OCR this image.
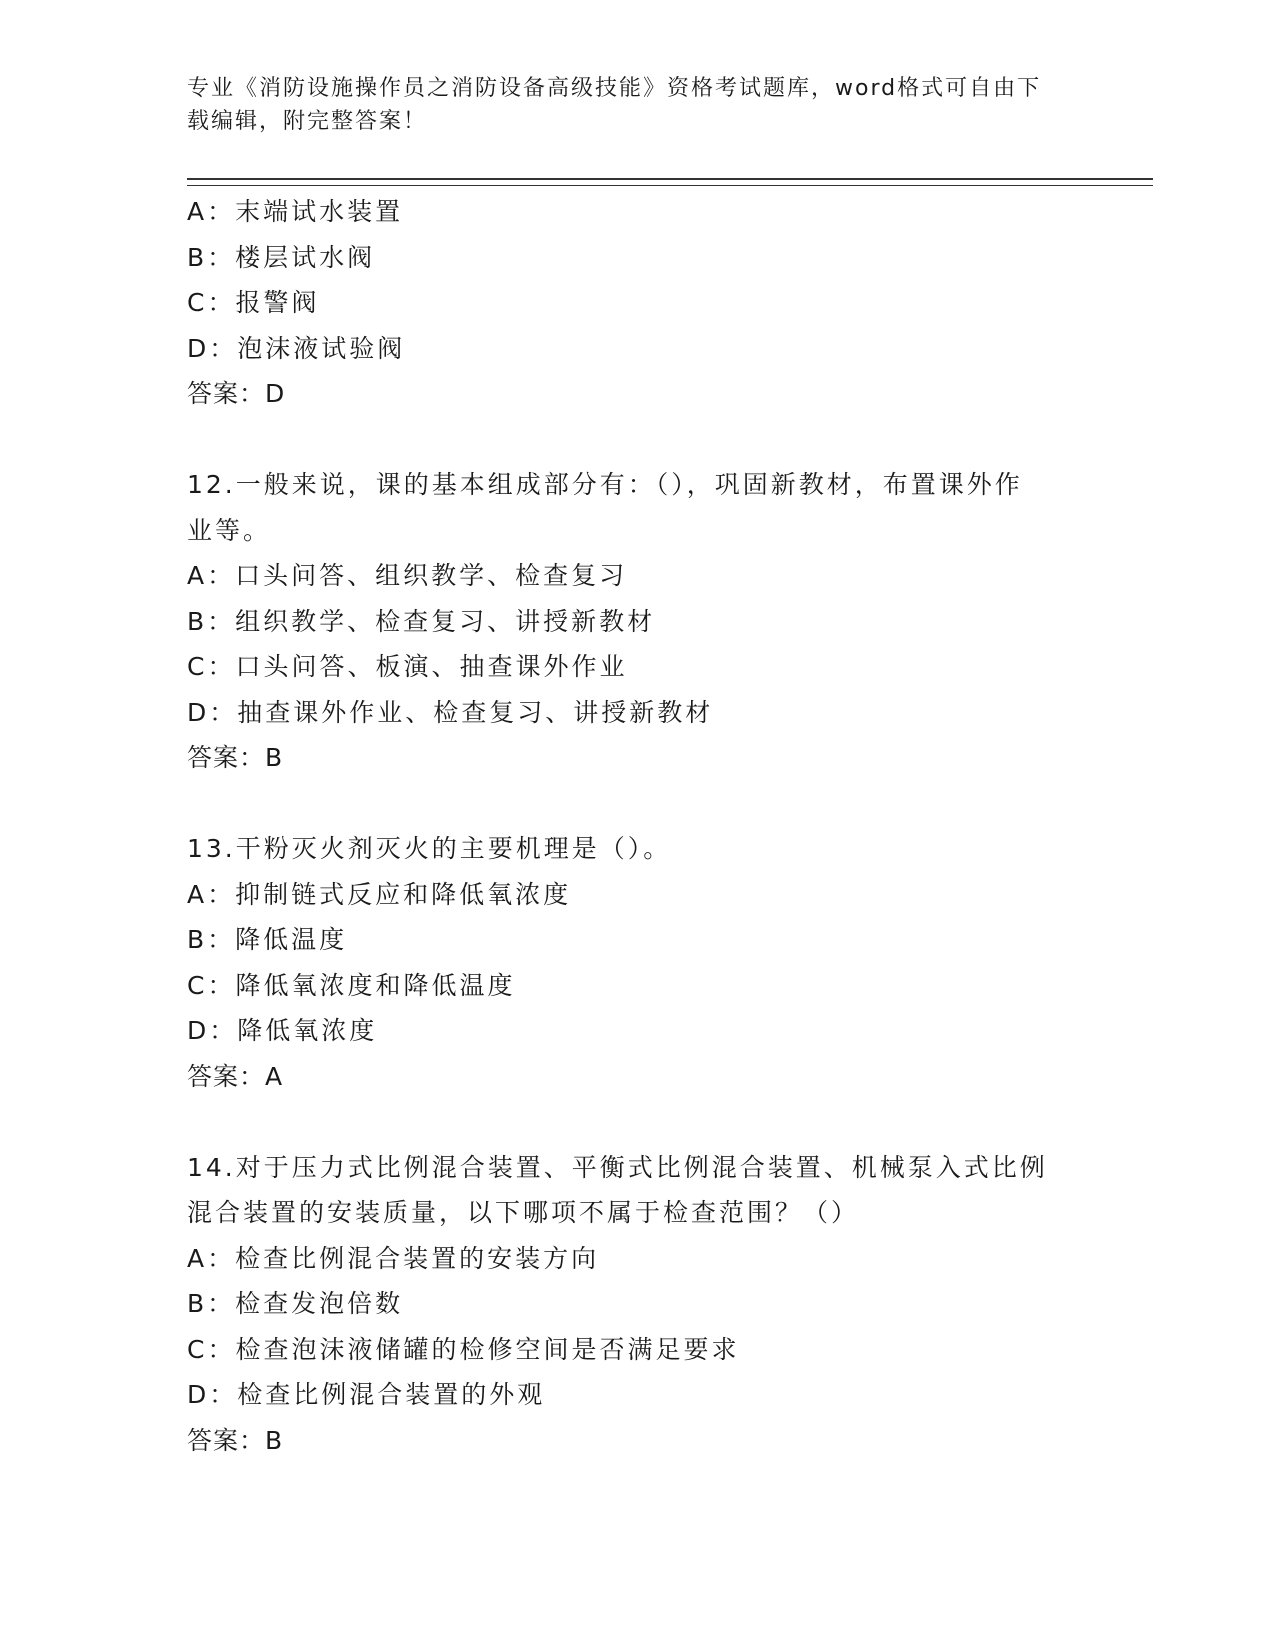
专业《消防设施操作员之消防设备高级技能》资格考试题库，word格式可自由下
载编辑，附完整答案！
A：末端试水装置
B：楼层试水阀
C：报警阀
D：泡沫液试验阀
答案：D
12.一般来说，课的基本组成部分有：（），巩固新教材，布置课外作
业等。
A：口头问答、组织教学、检查复习
B：组织教学、检查复习、讲授新教材
C：口头问答、板演、抽查课外作业
D：抽查课外作业、检查复习、讲授新教材
答案：B
13.干粉灭火剂灭火的主要机理是（）。
A：抑制链式反应和降低氧浓度
B：降低温度
C：降低氧浓度和降低温度
D：降低氧浓度
答案：A
14.对于压力式比例混合装置、平衡式比例混合装置、机械泵入式比例
混合装置的安装质量，以下哪项不属于检查范围？（）
A：检查比例混合装置的安装方向
B：检查发泡倍数
C：检查泡沫液储罐的检修空间是否满足要求
D：检查比例混合装置的外观
答案：B
